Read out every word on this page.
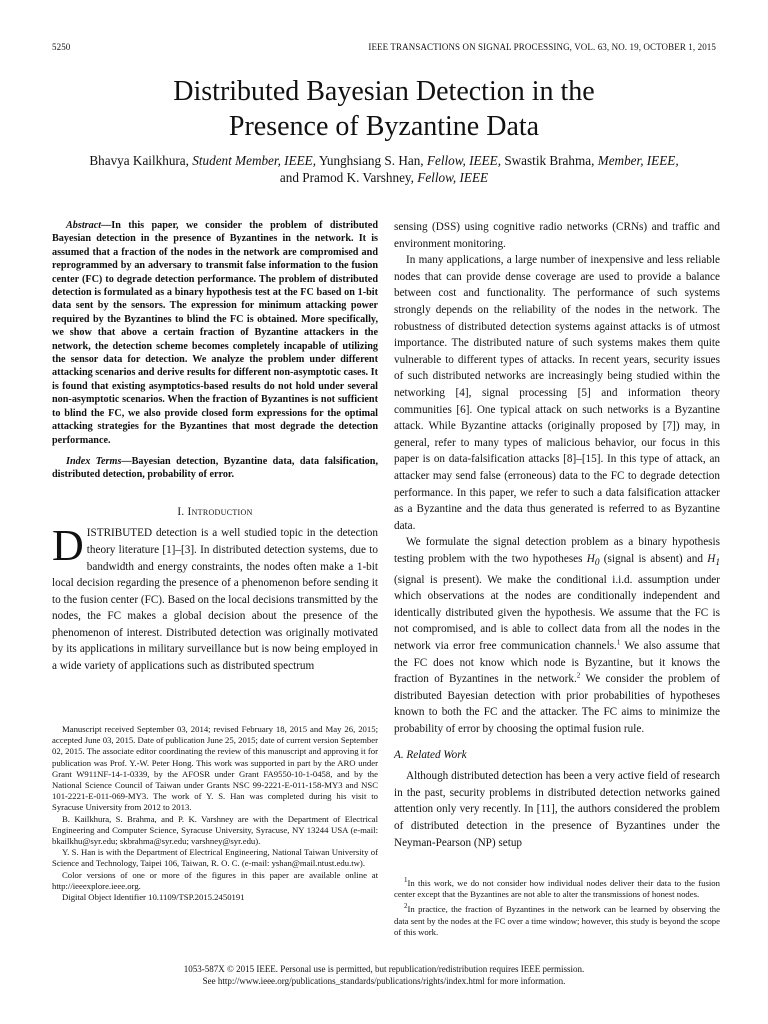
5250	IEEE TRANSACTIONS ON SIGNAL PROCESSING, VOL. 63, NO. 19, OCTOBER 1, 2015
Distributed Bayesian Detection in the
Presence of Byzantine Data
Bhavya Kailkhura, Student Member, IEEE, Yunghsiang S. Han, Fellow, IEEE, Swastik Brahma, Member, IEEE,
and Pramod K. Varshney, Fellow, IEEE
Abstract—In this paper, we consider the problem of distributed Bayesian detection in the presence of Byzantines in the network. It is assumed that a fraction of the nodes in the network are compromised and reprogrammed by an adversary to transmit false information to the fusion center (FC) to degrade detection performance. The problem of distributed detection is formulated as a binary hypothesis test at the FC based on 1-bit data sent by the sensors. The expression for minimum attacking power required by the Byzantines to blind the FC is obtained. More specifically, we show that above a certain fraction of Byzantine attackers in the network, the detection scheme becomes completely incapable of utilizing the sensor data for detection. We analyze the problem under different attacking scenarios and derive results for different non-asymptotic cases. It is found that existing asymptotics-based results do not hold under several non-asymptotic scenarios. When the fraction of Byzantines is not sufficient to blind the FC, we also provide closed form expressions for the optimal attacking strategies for the Byzantines that most degrade the detection performance.
Index Terms—Bayesian detection, Byzantine data, data falsification, distributed detection, probability of error.
I. Introduction

DISTRIBUTED detection is a well studied topic in the detection theory literature [1]–[3]. In distributed detection systems, due to bandwidth and energy constraints, the nodes often make a 1-bit local decision regarding the presence of a phenomenon before sending it to the fusion center (FC). Based on the local decisions transmitted by the nodes, the FC makes a global decision about the presence of the phenomenon of interest. Distributed detection was originally motivated by its applications in military surveillance but is now being employed in a wide variety of applications such as distributed spectrum

Manuscript received September 03, 2014; revised February 18, 2015 and May 26, 2015; accepted June 03, 2015. Date of publication June 25, 2015; date of current version September 02, 2015. The associate editor coordinating the review of this manuscript and approving it for publication was Prof. Y.-W. Peter Hong. This work was supported in part by the ARO under Grant W911NF-14-1-0339, by the AFOSR under Grant FA9550-10-1-0458, and by the National Science Council of Taiwan under Grants NSC 99-2221-E-011-158-MY3 and NSC 101-2221-E-011-069-MY3. The work of Y. S. Han was completed during his visit to Syracuse University from 2012 to 2013.

B. Kailkhura, S. Brahma, and P. K. Varshney are with the Department of Electrical Engineering and Computer Science, Syracuse University, Syracuse, NY 13244 USA (e-mail: bkailkhu@syr.edu; skbrahma@syr.edu; varshney@syr.edu).

Y. S. Han is with the Department of Electrical Engineering, National Taiwan University of Science and Technology, Taipei 106, Taiwan, R. O. C. (e-mail: yshan@mail.ntust.edu.tw).

Color versions of one or more of the figures in this paper are available online at http://ieeexplore.ieee.org.

Digital Object Identifier 10.1109/TSP.2015.2450191

sensing (DSS) using cognitive radio networks (CRNs) and traffic and environment monitoring.

In many applications, a large number of inexpensive and less reliable nodes that can provide dense coverage are used to provide a balance between cost and functionality. The performance of such systems strongly depends on the reliability of the nodes in the network. The robustness of distributed detection systems against attacks is of utmost importance. The distributed nature of such systems makes them quite vulnerable to different types of attacks. In recent years, security issues of such distributed networks are increasingly being studied within the networking [4], signal processing [5] and information theory communities [6]. One typical attack on such networks is a Byzantine attack. While Byzantine attacks (originally proposed by [7]) may, in general, refer to many types of malicious behavior, our focus in this paper is on data-falsification attacks [8]–[15]. In this type of attack, an attacker may send false (erroneous) data to the FC to degrade detection performance. In this paper, we refer to such a data falsification attacker as a Byzantine and the data thus generated is referred to as Byzantine data.

We formulate the signal detection problem as a binary hypothesis testing problem with the two hypotheses $H_0$ (signal is absent) and $H_1$ (signal is present). We make the conditional i.i.d. assumption under which observations at the nodes are conditionally independent and identically distributed given the hypothesis. We assume that the FC is not compromised, and is able to collect data from all the nodes in the network via error free communication channels.$^1$ We also assume that the FC does not know which node is Byzantine, but it knows the fraction of Byzantines in the network.$^2$ We consider the problem of distributed Bayesian detection with prior probabilities of hypotheses known to both the FC and the attacker. The FC aims to minimize the probability of error by choosing the optimal fusion rule.

A. Related Work

Although distributed detection has been a very active field of research in the past, security problems in distributed detection networks gained attention only very recently. In [11], the authors considered the problem of distributed detection in the presence of Byzantines under the Neyman-Pearson (NP) setup

$^1$In this work, we do not consider how individual nodes deliver their data to the fusion center except that the Byzantines are not able to alter the transmissions of honest nodes.

$^2$In practice, the fraction of Byzantines in the network can be learned by observing the data sent by the nodes at the FC over a time window; however, this study is beyond the scope of this work.

1053-587X © 2015 IEEE. Personal use is permitted, but republication/redistribution requires IEEE permission.
See http://www.ieee.org/publications_standards/publications/rights/index.html for more information.
